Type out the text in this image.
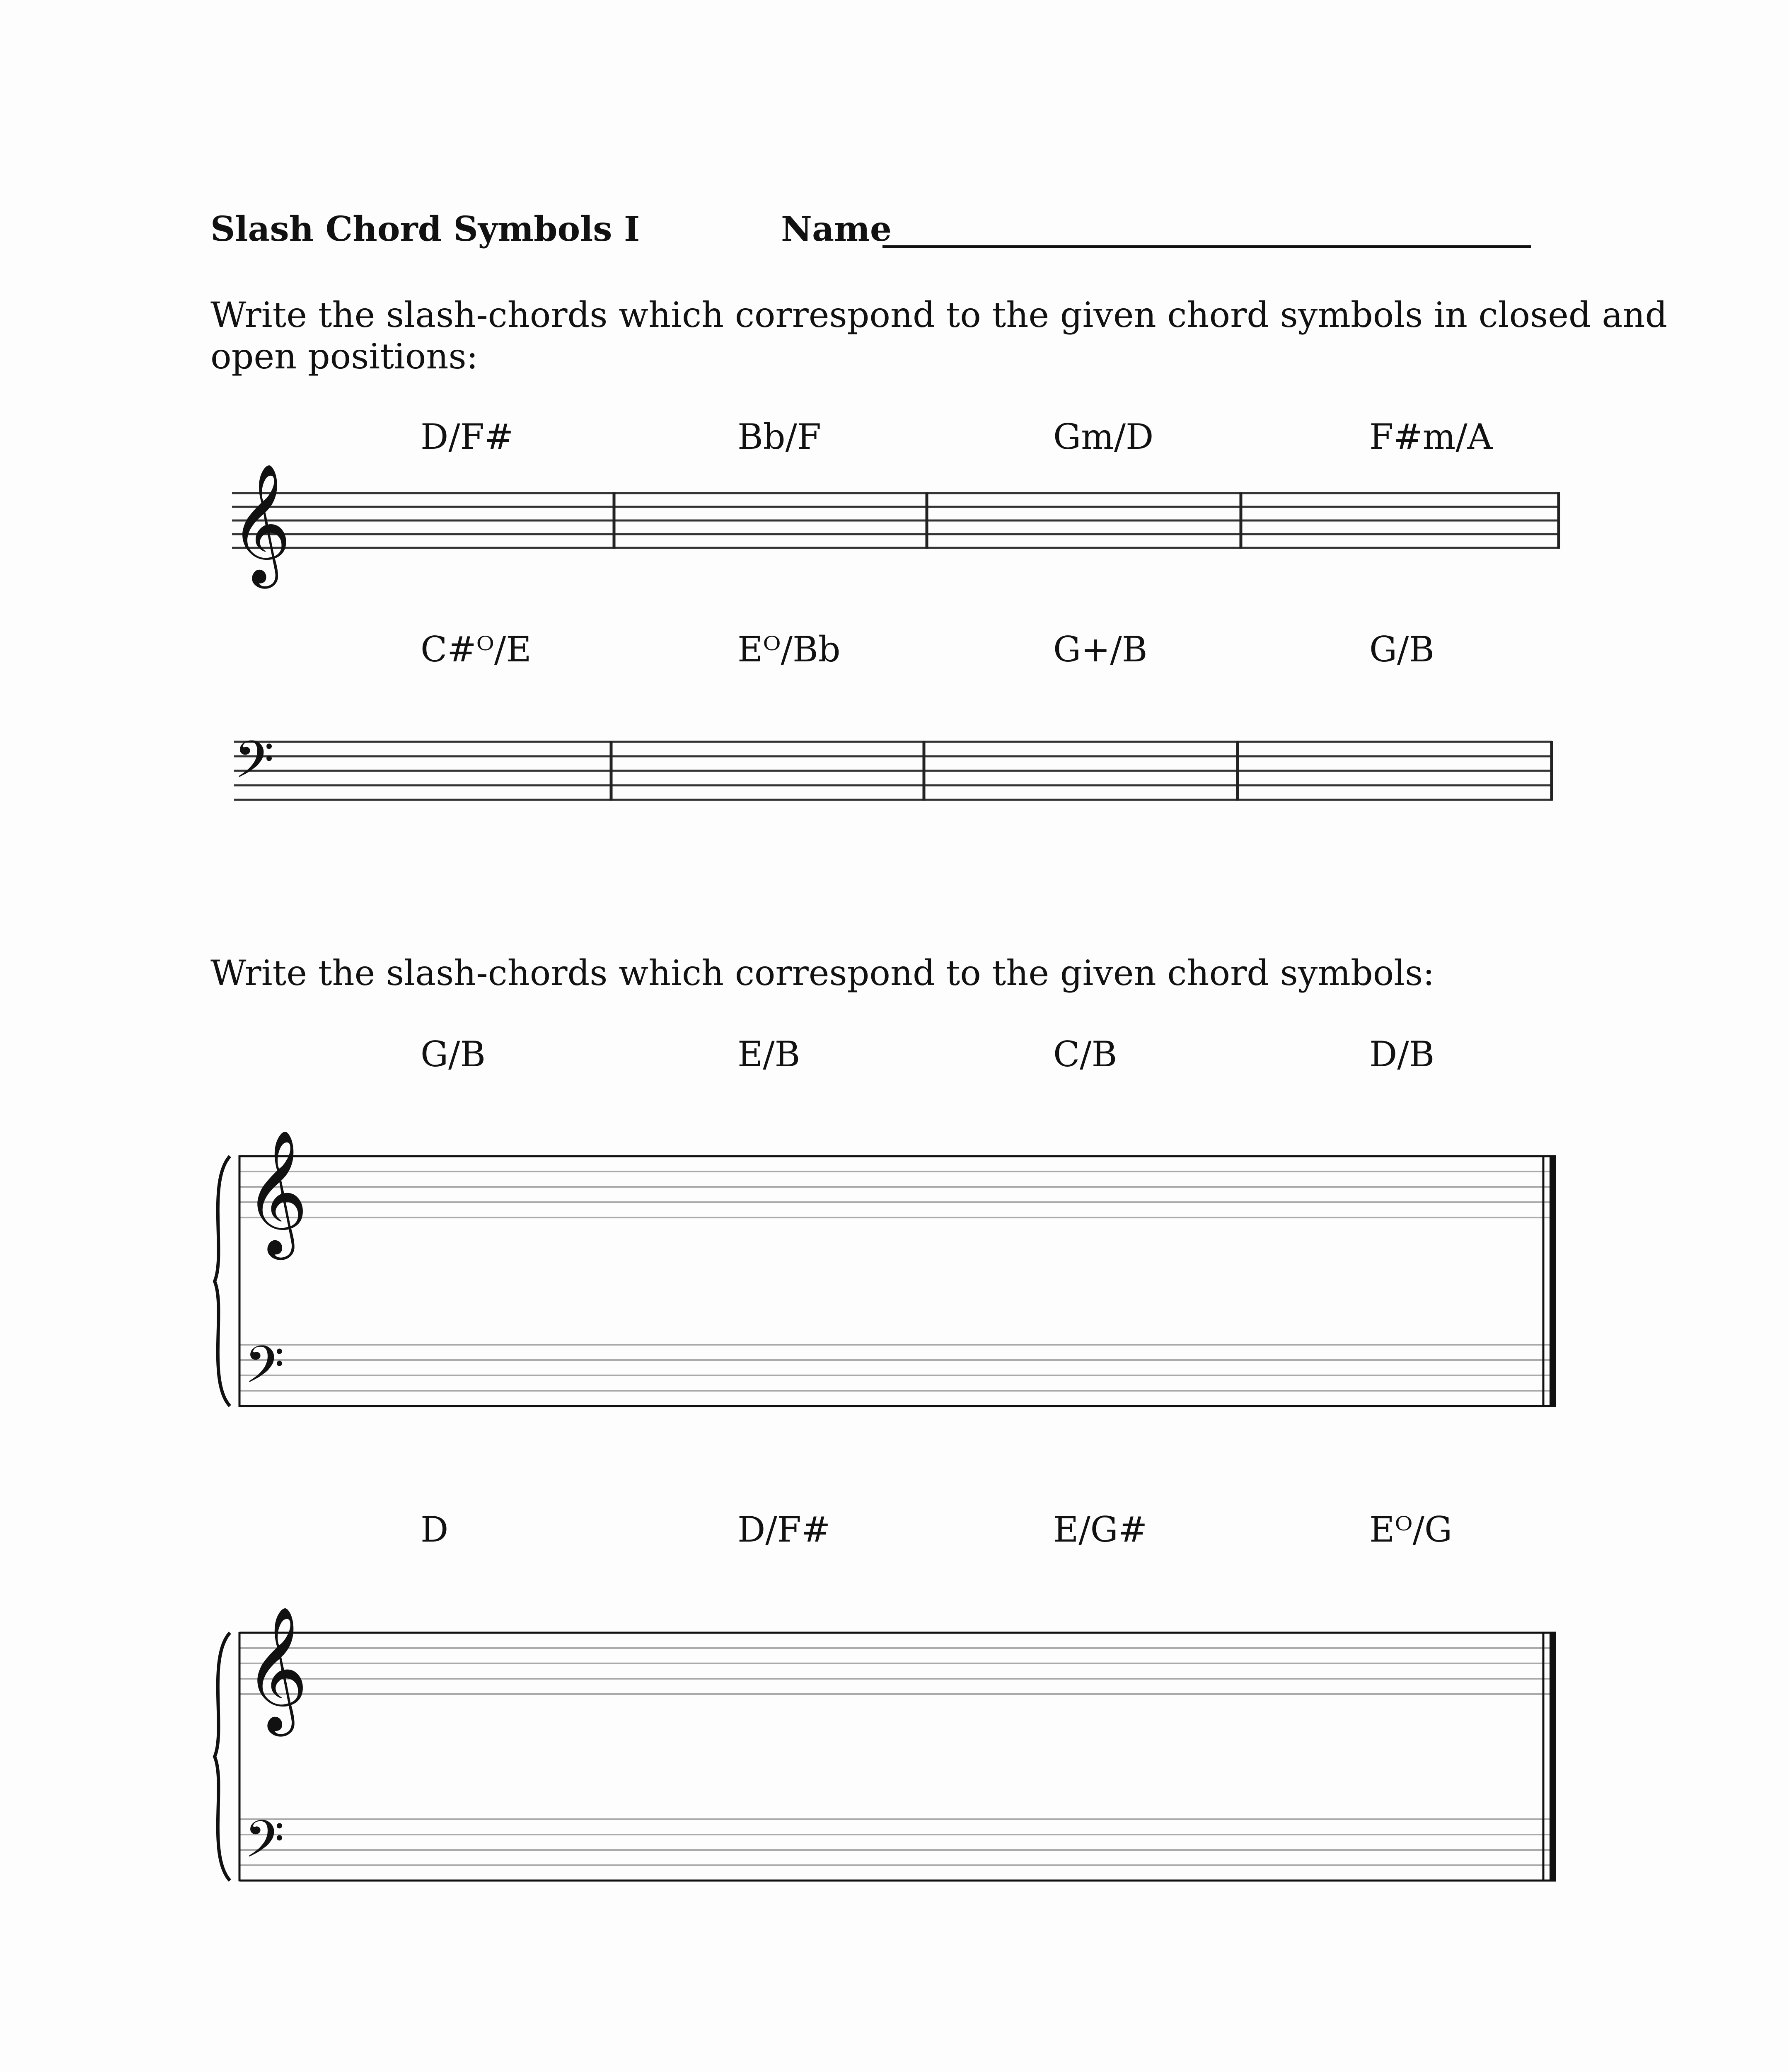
Slash Chord Symbols I	Name
Write the slash-chords which correspond to the given chord symbols in closed and open positions:
D/F#	Bb/F	Gm/D	F#m/A
𝄞
C#ᴼ/E	Eᴼ/Bb	G+/B	G/B
𝄢
Write the slash-chords which correspond to the given chord symbols:
G/B	E/B	C/B	D/B
𝄞
𝄢
D	D/F#	E/G#	Eᴼ/G
𝄞
𝄢
